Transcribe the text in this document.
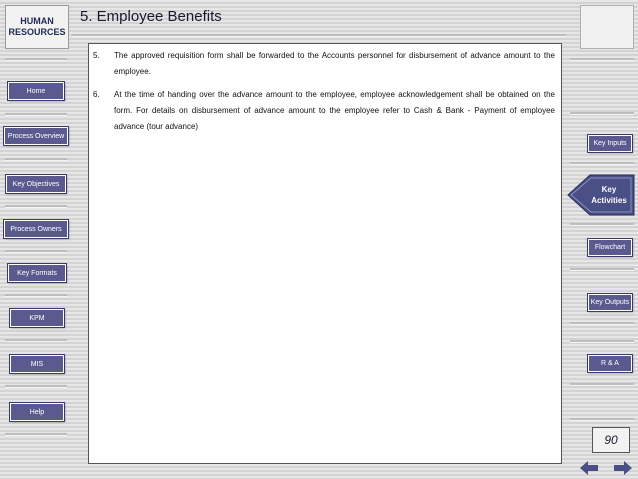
HUMAN
RESOURCES
Home
Process Overview
Key Objectives
Process Owners
Key Formats
KPM
MIS
Help
5. Employee Benefits
5. The approved requisition form shall be forwarded to the Accounts personnel for disbursement of advance amount to the employee.
6. At the time of handing over the advance amount to the employee, employee acknowledgement shall be obtained on the form. For details on disbursement of advance amount to the employee refer to Cash & Bank - Payment of employee advance (tour advance)
Key Inputs
Key
Activities
Flowchart
Key Outputs
R & A
90
